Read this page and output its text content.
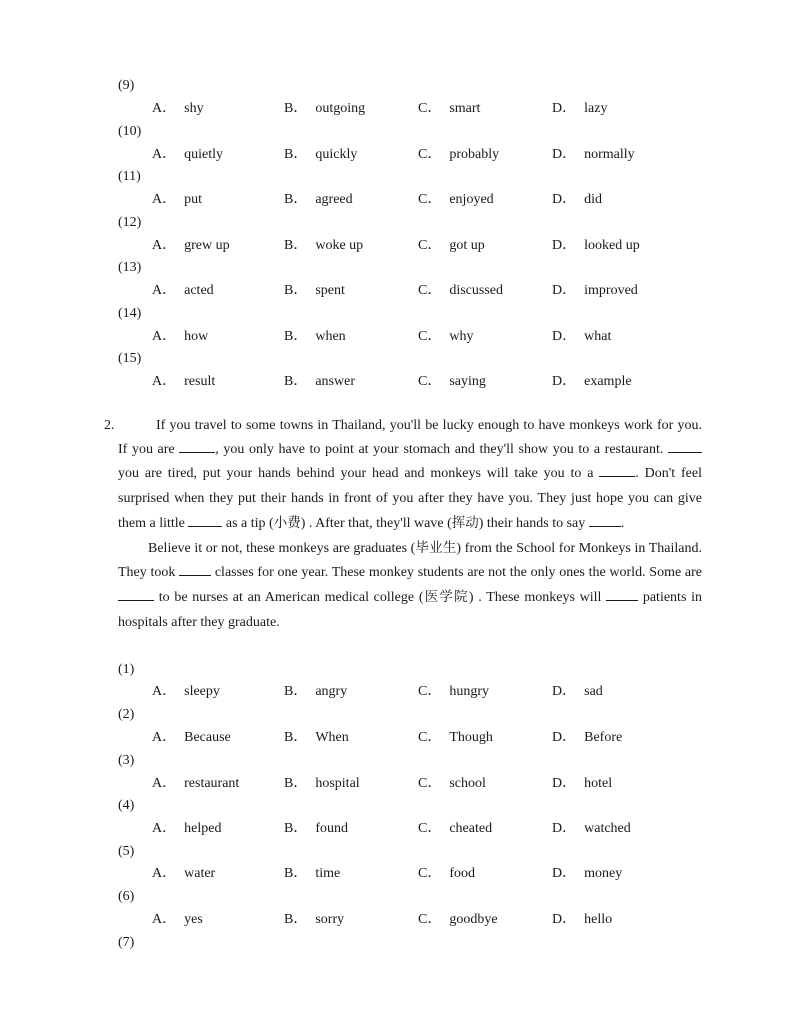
(9)
A． shy	B． outgoing	C． smart	D． lazy
(10)
A． quietly	B． quickly	C． probably	D． normally
(11)
A． put	B． agreed	C． enjoyed	D． did
(12)
A． grew up	B． woke up	C． got up	D． looked up
(13)
A． acted	B． spent	C． discussed	D． improved
(14)
A． how	B． when	C． why	D． what
(15)
A． result	B． answer	C． saying	D． example
2.	If you travel to some towns in Thailand, you'll be lucky enough to have monkeys work for you. If you are	, you only have to point at your stomach and they'll show you to a restaurant.  you are tired, put your hands behind your head and monkeys will take you to a	. Don't feel surprised when they put their hands in front of you after they have you. They just hope you can give them a little  as a tip (小费) . After that, they'll wave (挥动) their hands to say .

Believe it or not, these monkeys are graduates (毕业生) from the School for Monkeys in Thailand. They took  classes for one year. These monkey students are not the only ones the world. Some are  to be nurses at an American medical college (医学院) . These monkeys will  patients in hospitals after they graduate.

(1)
A． sleepy	B． angry	C． hungry	D． sad
(2)
A． Because	B． When	C． Though	D． Before
(3)
A． restaurant	B． hospital	C． school	D． hotel
(4)
A． helped	B． found	C． cheated	D． watched
(5)
A． water	B． time	C． food	D． money
(6)
A． yes	B． sorry	C． goodbye	D． hello
(7)
